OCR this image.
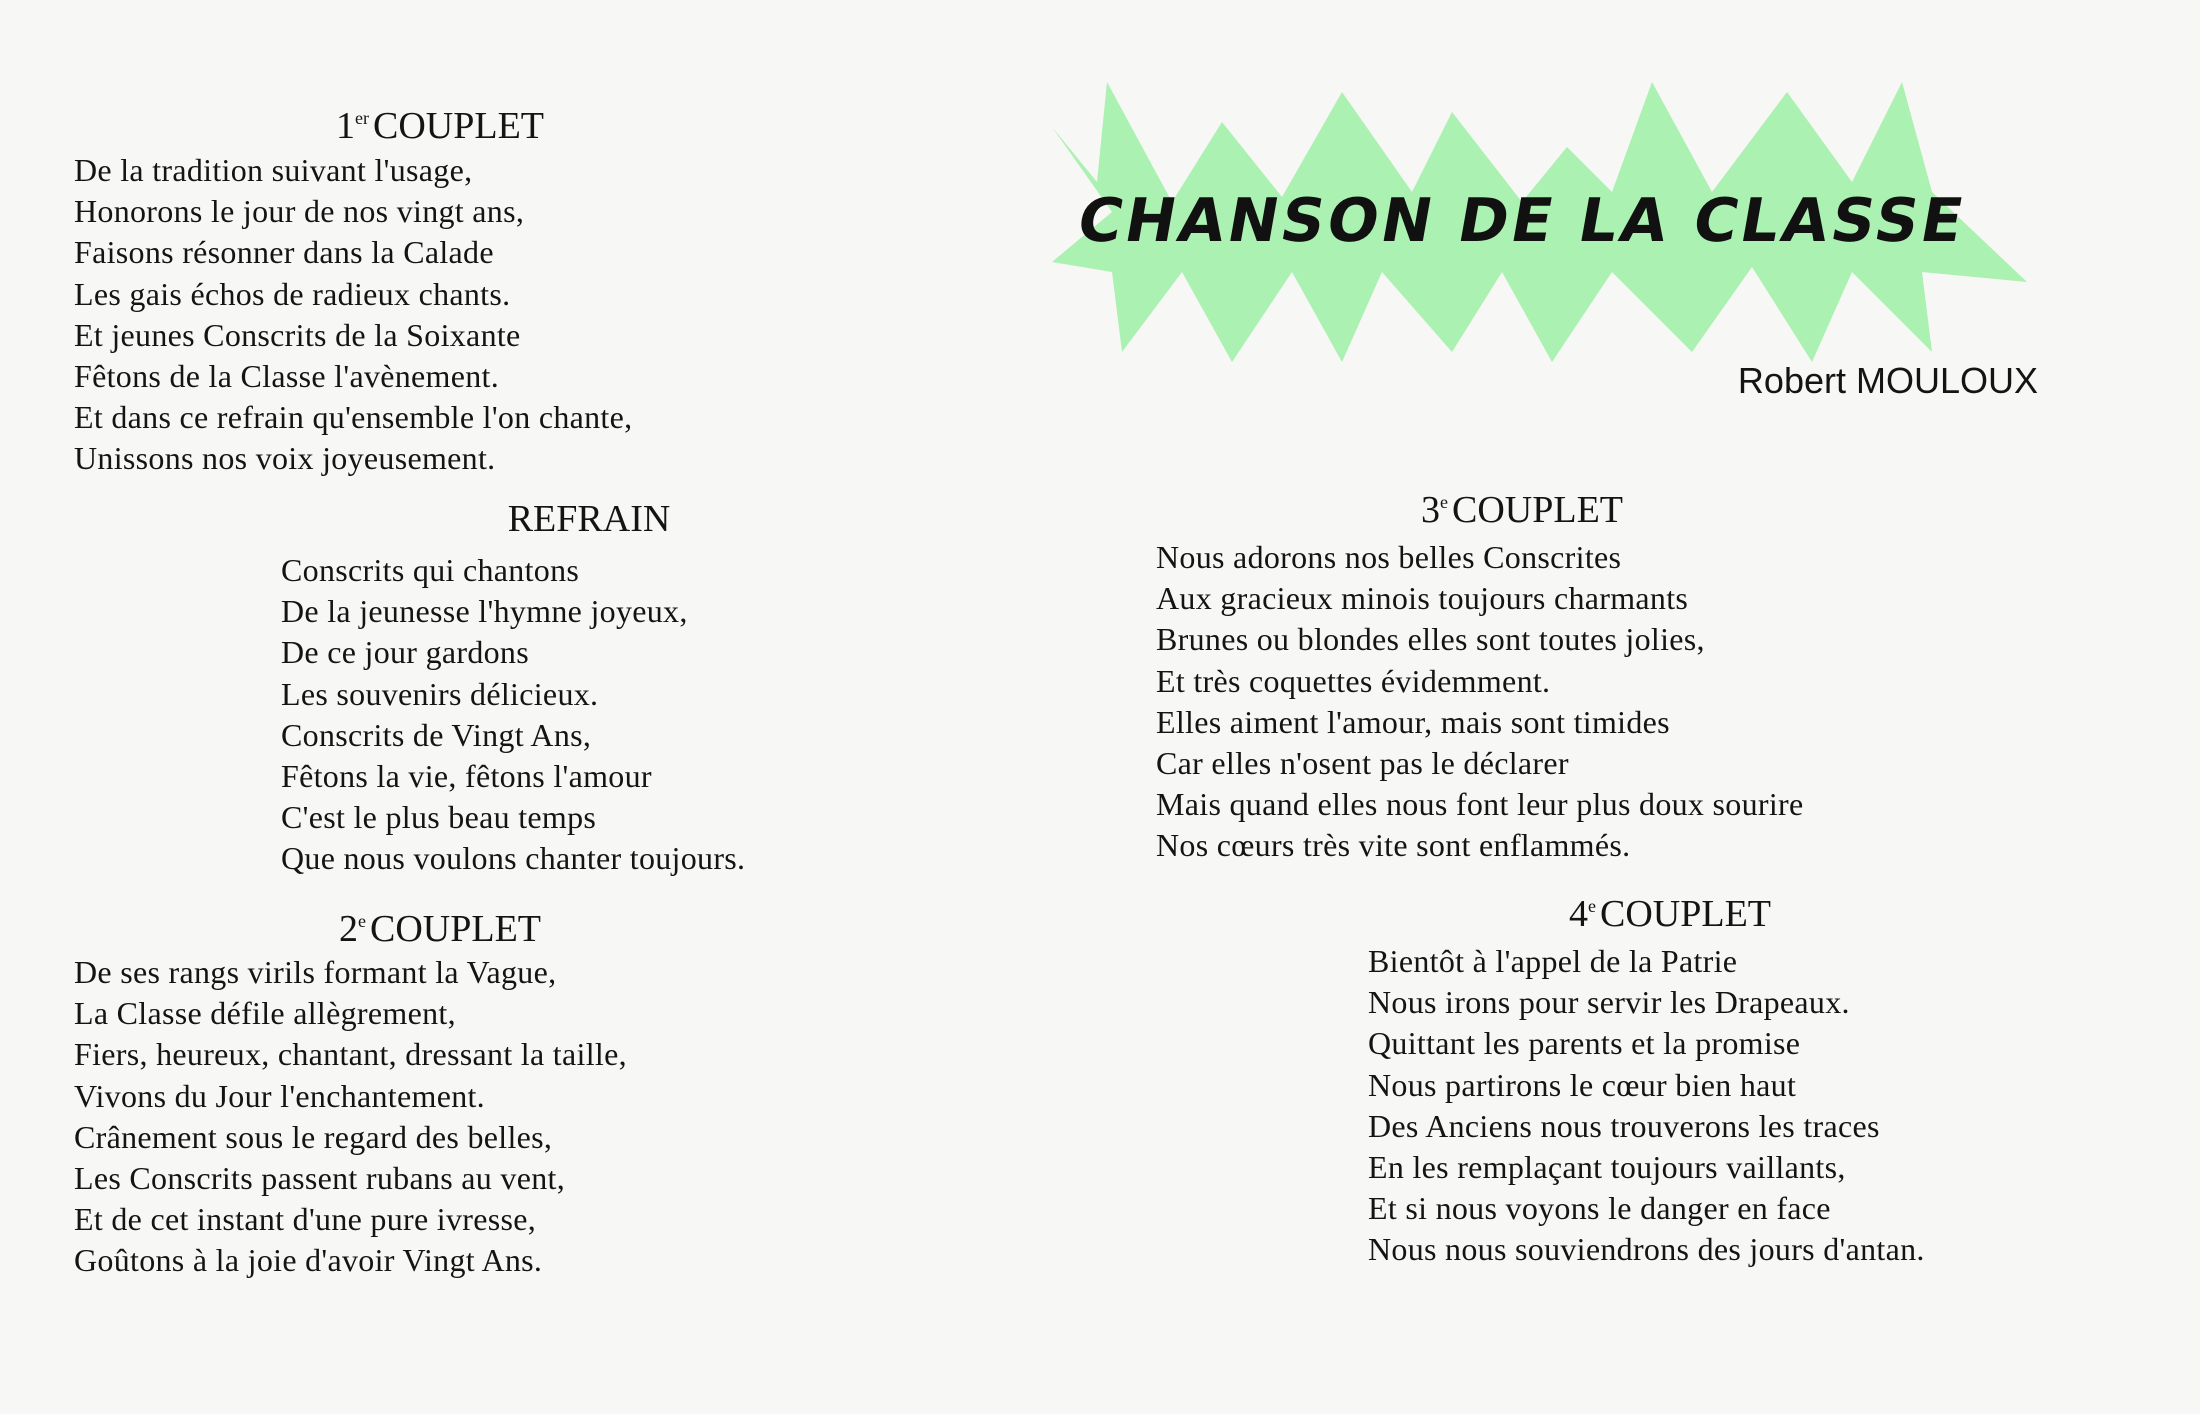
CHANSON DE LA CLASSE
Robert MOULOUX
1er COUPLET
De la tradition suivant l'usage,
Honorons le jour de nos vingt ans,
Faisons résonner dans la Calade
Les gais échos de radieux chants.
Et jeunes Conscrits de la Soixante
Fêtons de la Classe l'avènement.
Et dans ce refrain qu'ensemble l'on chante,
Unissons nos voix joyeusement.
REFRAIN
Conscrits qui chantons
De la jeunesse l'hymne joyeux,
De ce jour gardons
Les souvenirs délicieux.
Conscrits de Vingt Ans,
Fêtons la vie, fêtons l'amour
C'est le plus beau temps
Que nous voulons chanter toujours.
2e COUPLET
De ses rangs virils formant la Vague,
La Classe défile allègrement,
Fiers, heureux, chantant, dressant la taille,
Vivons du Jour l'enchantement.
Crânement sous le regard des belles,
Les Conscrits passent rubans au vent,
Et de cet instant d'une pure ivresse,
Goûtons à la joie d'avoir Vingt Ans.
3e COUPLET
Nous adorons nos belles Conscrites
Aux gracieux minois toujours charmants
Brunes ou blondes elles sont toutes jolies,
Et très coquettes évidemment.
Elles aiment l'amour, mais sont timides
Car elles n'osent pas le déclarer
Mais quand elles nous font leur plus doux sourire
Nos cœurs très vite sont enflammés.
4e COUPLET
Bientôt à l'appel de la Patrie
Nous irons pour servir les Drapeaux.
Quittant les parents et la promise
Nous partirons le cœur bien haut
Des Anciens nous trouverons les traces
En les remplaçant toujours vaillants,
Et si nous voyons le danger en face
Nous nous souviendrons des jours d'antan.
